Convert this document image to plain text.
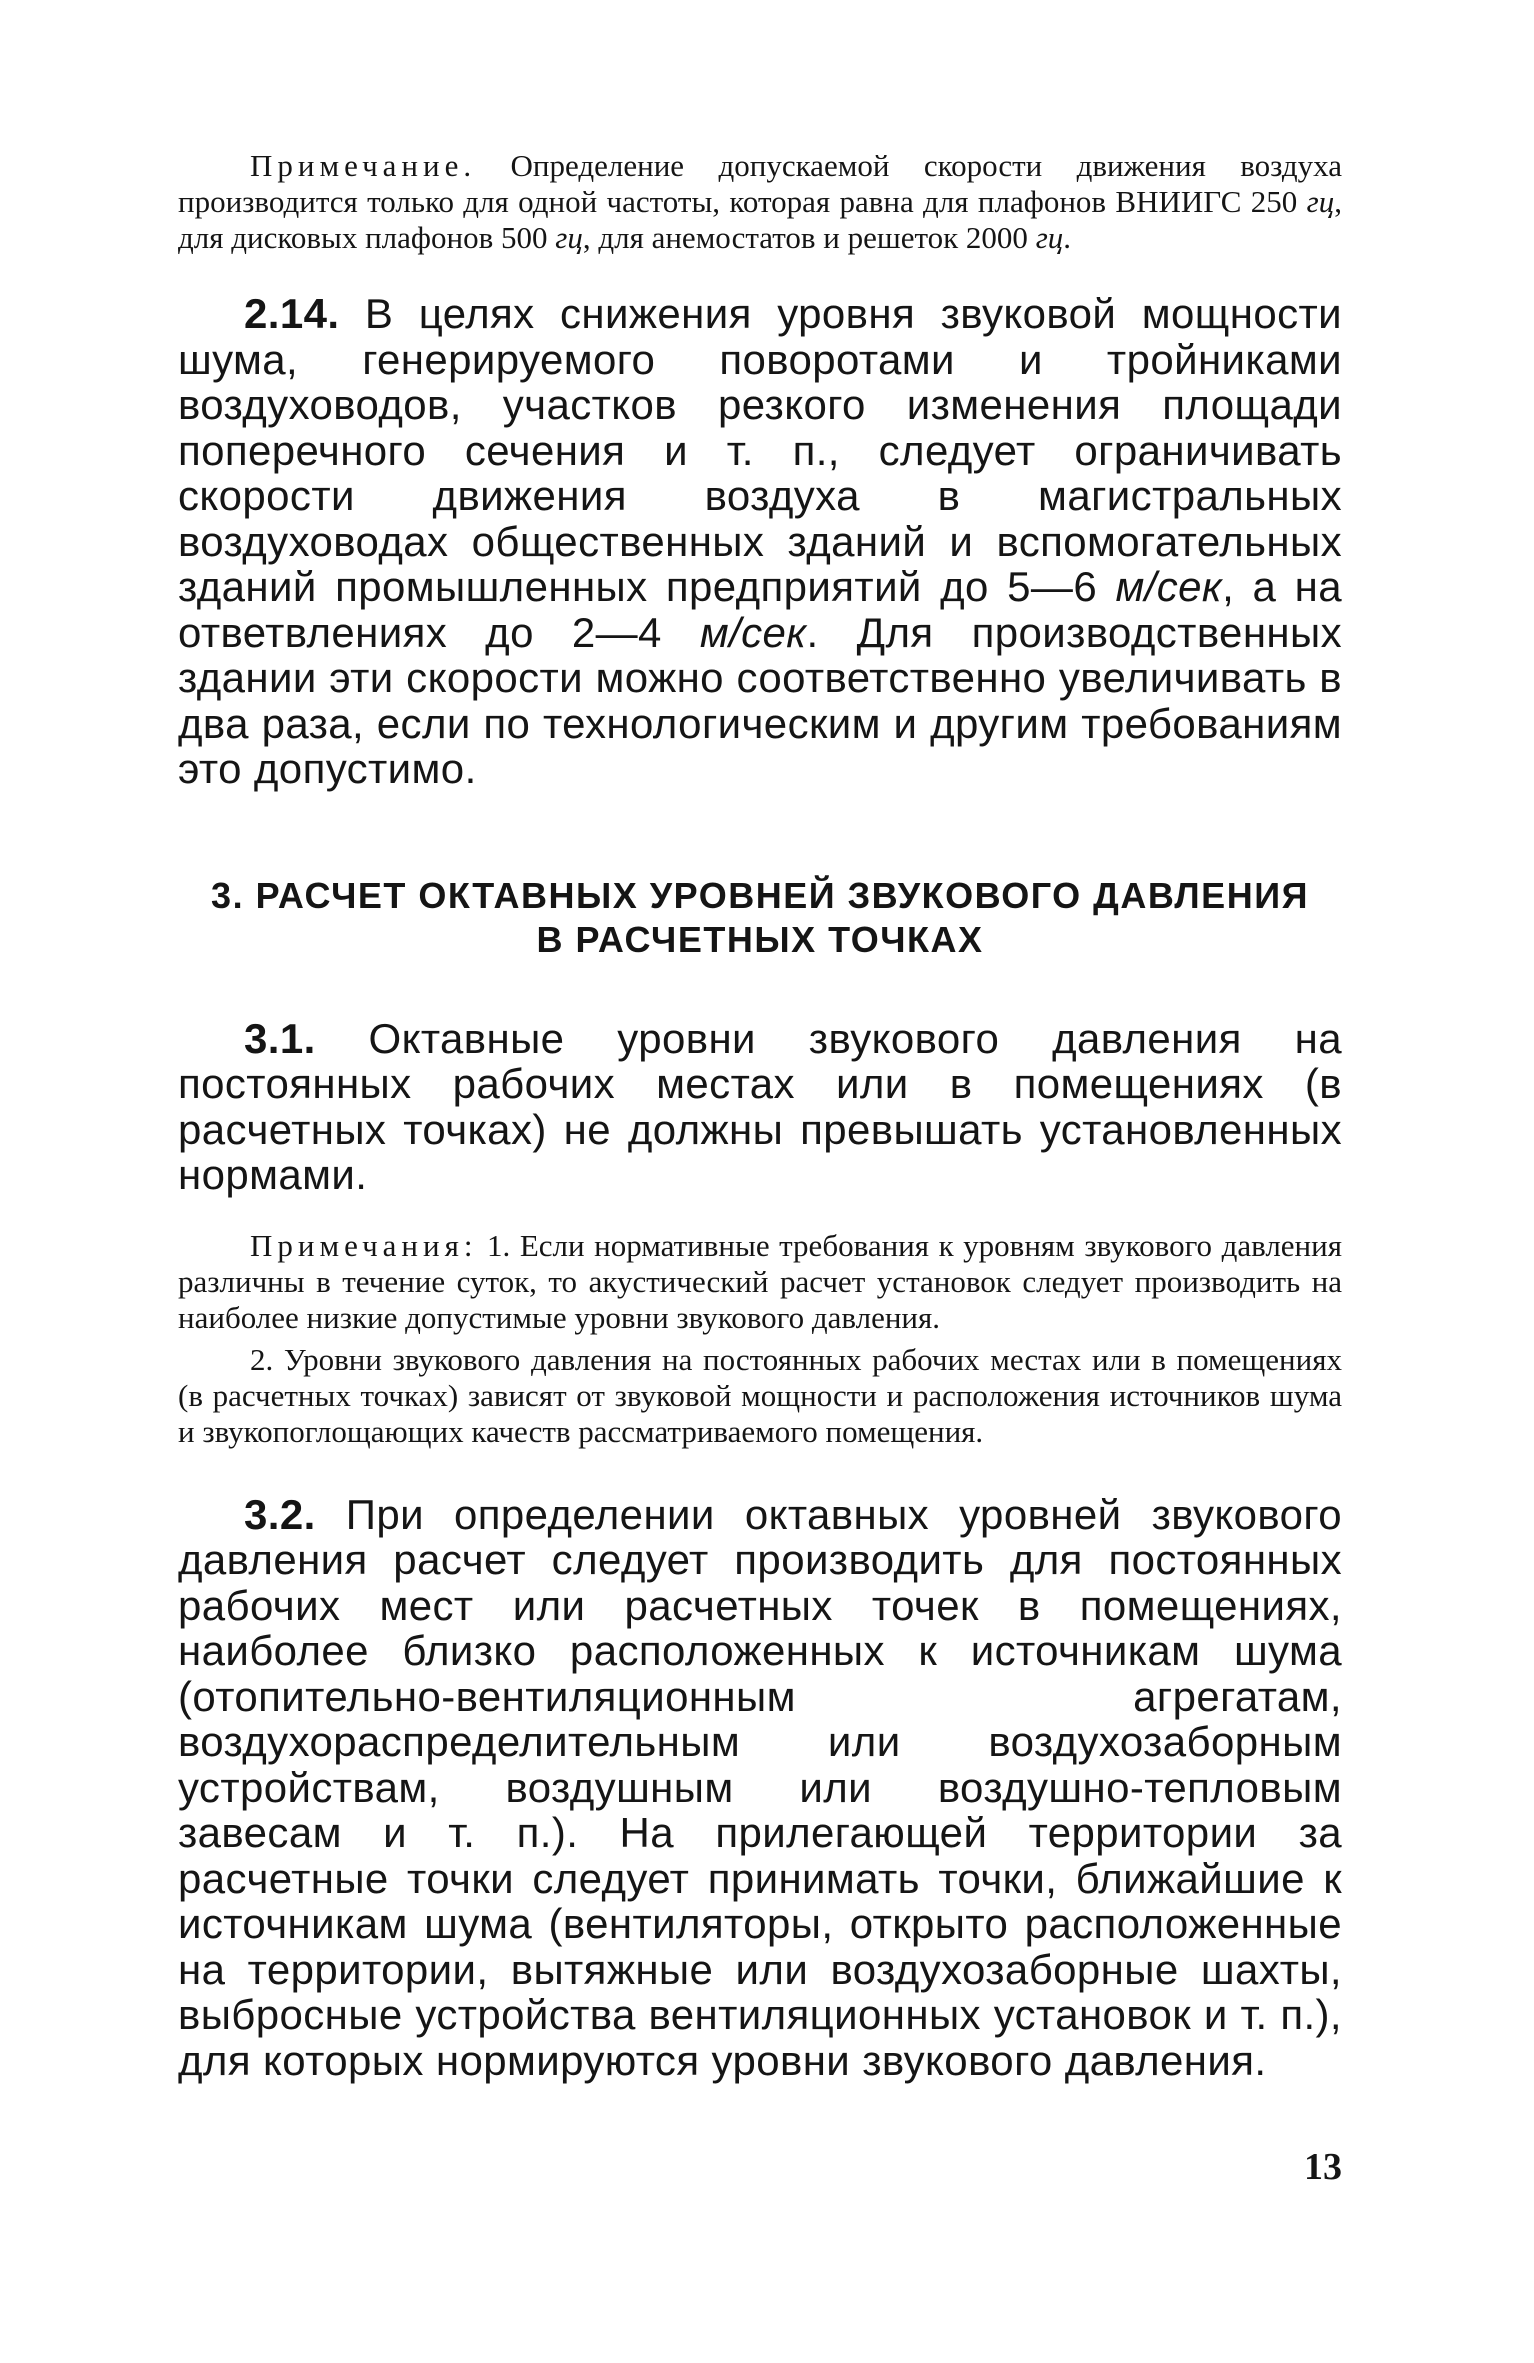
Примечание. Определение допускаемой скорости движения воздуха производится только для одной частоты, которая равна для плафонов ВНИИГС 250 гц, для дисковых плафонов 500 гц, для анемостатов и решеток 2000 гц.

2.14. В целях снижения уровня звуковой мощности шума, генерируемого поворотами и тройниками воздуховодов, участков резкого изменения площади поперечного сечения и т. п., следует ограничивать скорости движения воздуха в магистральных воздуховодах общественных зданий и вспомогательных зданий промышленных предприятий до 5—6 м/сек, а на ответвлениях до 2—4 м/сек. Для производственных здании эти скорости можно соответственно увеличивать в два раза, если по технологическим и другим требованиям это допустимо.

3. РАСЧЕТ ОКТАВНЫХ УРОВНЕЙ ЗВУКОВОГО ДАВЛЕНИЯ

В РАСЧЕТНЫХ ТОЧКАХ

3.1. Октавные уровни звукового давления на постоянных рабочих местах или в помещениях (в расчетных точках) не должны превышать установленных нормами.

Примечания: 1. Если нормативные требования к уровням звукового давления различны в течение суток, то акустический расчет установок следует производить на наиболее низкие допустимые уровни звукового давления.

2. Уровни звукового давления на постоянных рабочих местах или в помещениях (в расчетных точках) зависят от звуковой мощности и расположения источников шума и звукопоглощающих качеств рассматриваемого помещения.

3.2. При определении октавных уровней звукового давления расчет следует производить для постоянных рабочих мест или расчетных точек в помещениях, наиболее близко расположенных к источникам шума (отопительно-вентиляционным агрегатам, воздухораспределительным или воздухозаборным устройствам, воздушным или воздушно-тепловым завесам и т. п.). На прилегающей территории за расчетные точки следует принимать точки, ближайшие к источникам шума (вентиляторы, открыто расположенные на территории, вытяжные или воздухозаборные шахты, выбросные устройства вентиляционных установок и т. п.), для которых нормируются уровни звукового давления.

13
